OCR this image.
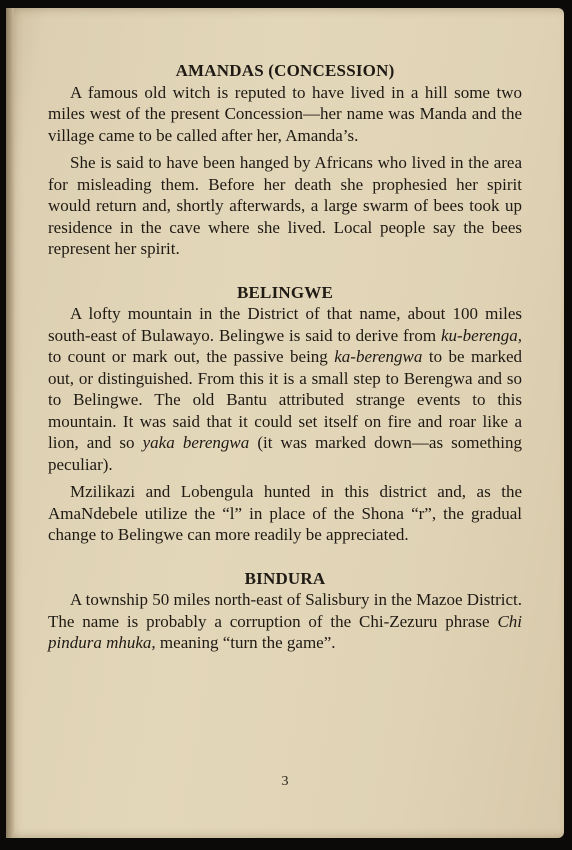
AMANDAS (CONCESSION)

A famous old witch is reputed to have lived in a hill some two miles west of the present Concession—her name was Manda and the village came to be called after her, Amanda’s.

She is said to have been hanged by Africans who lived in the area for misleading them. Before her death she prophesied her spirit would return and, shortly afterwards, a large swarm of bees took up residence in the cave where she lived. Local people say the bees represent her spirit.

BELINGWE

A lofty mountain in the District of that name, about 100 miles south-east of Bulawayo. Belingwe is said to derive from ku-berenga, to count or mark out, the passive being ka-berengwa to be marked out, or distinguished. From this it is a small step to Berengwa and so to Belingwe. The old Bantu attributed strange events to this mountain. It was said that it could set itself on fire and roar like a lion, and so yaka berengwa (it was marked down—as something peculiar).

Mzilikazi and Lobengula hunted in this district and, as the AmaNdebele utilize the “l” in place of the Shona “r”, the gradual change to Belingwe can more readily be appreciated.

BINDURA

A township 50 miles north-east of Salisbury in the Mazoe District. The name is probably a corruption of the Chi-Zezuru phrase Chi pindura mhuka, meaning “turn the game”.

3
